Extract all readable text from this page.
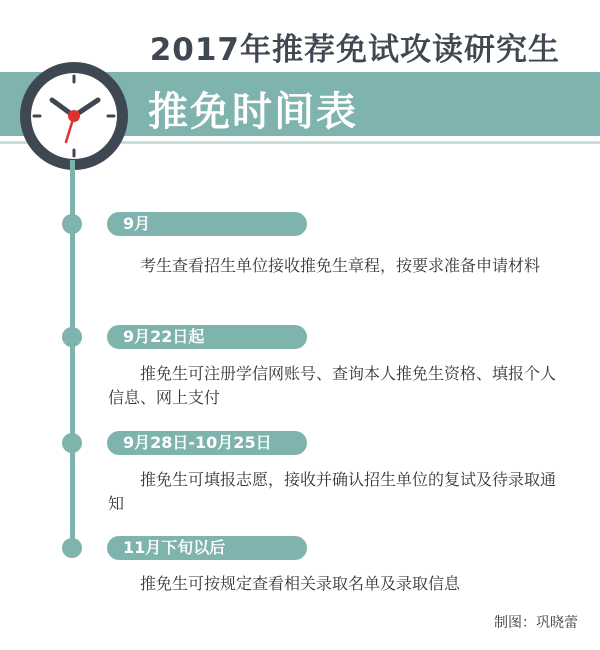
2017年推荐免试攻读研究生
推免时间表
9月
考生查看招生单位接收推免生章程，按要求准备申请材料
9月22日起
推免生可注册学信网账号、查询本人推免生资格、填报个人信息、网上支付
9月28日-10月25日
推免生可填报志愿，接收并确认招生单位的复试及待录取通知
11月下旬以后
推免生可按规定查看相关录取名单及录取信息
制图：巩晓蕾
